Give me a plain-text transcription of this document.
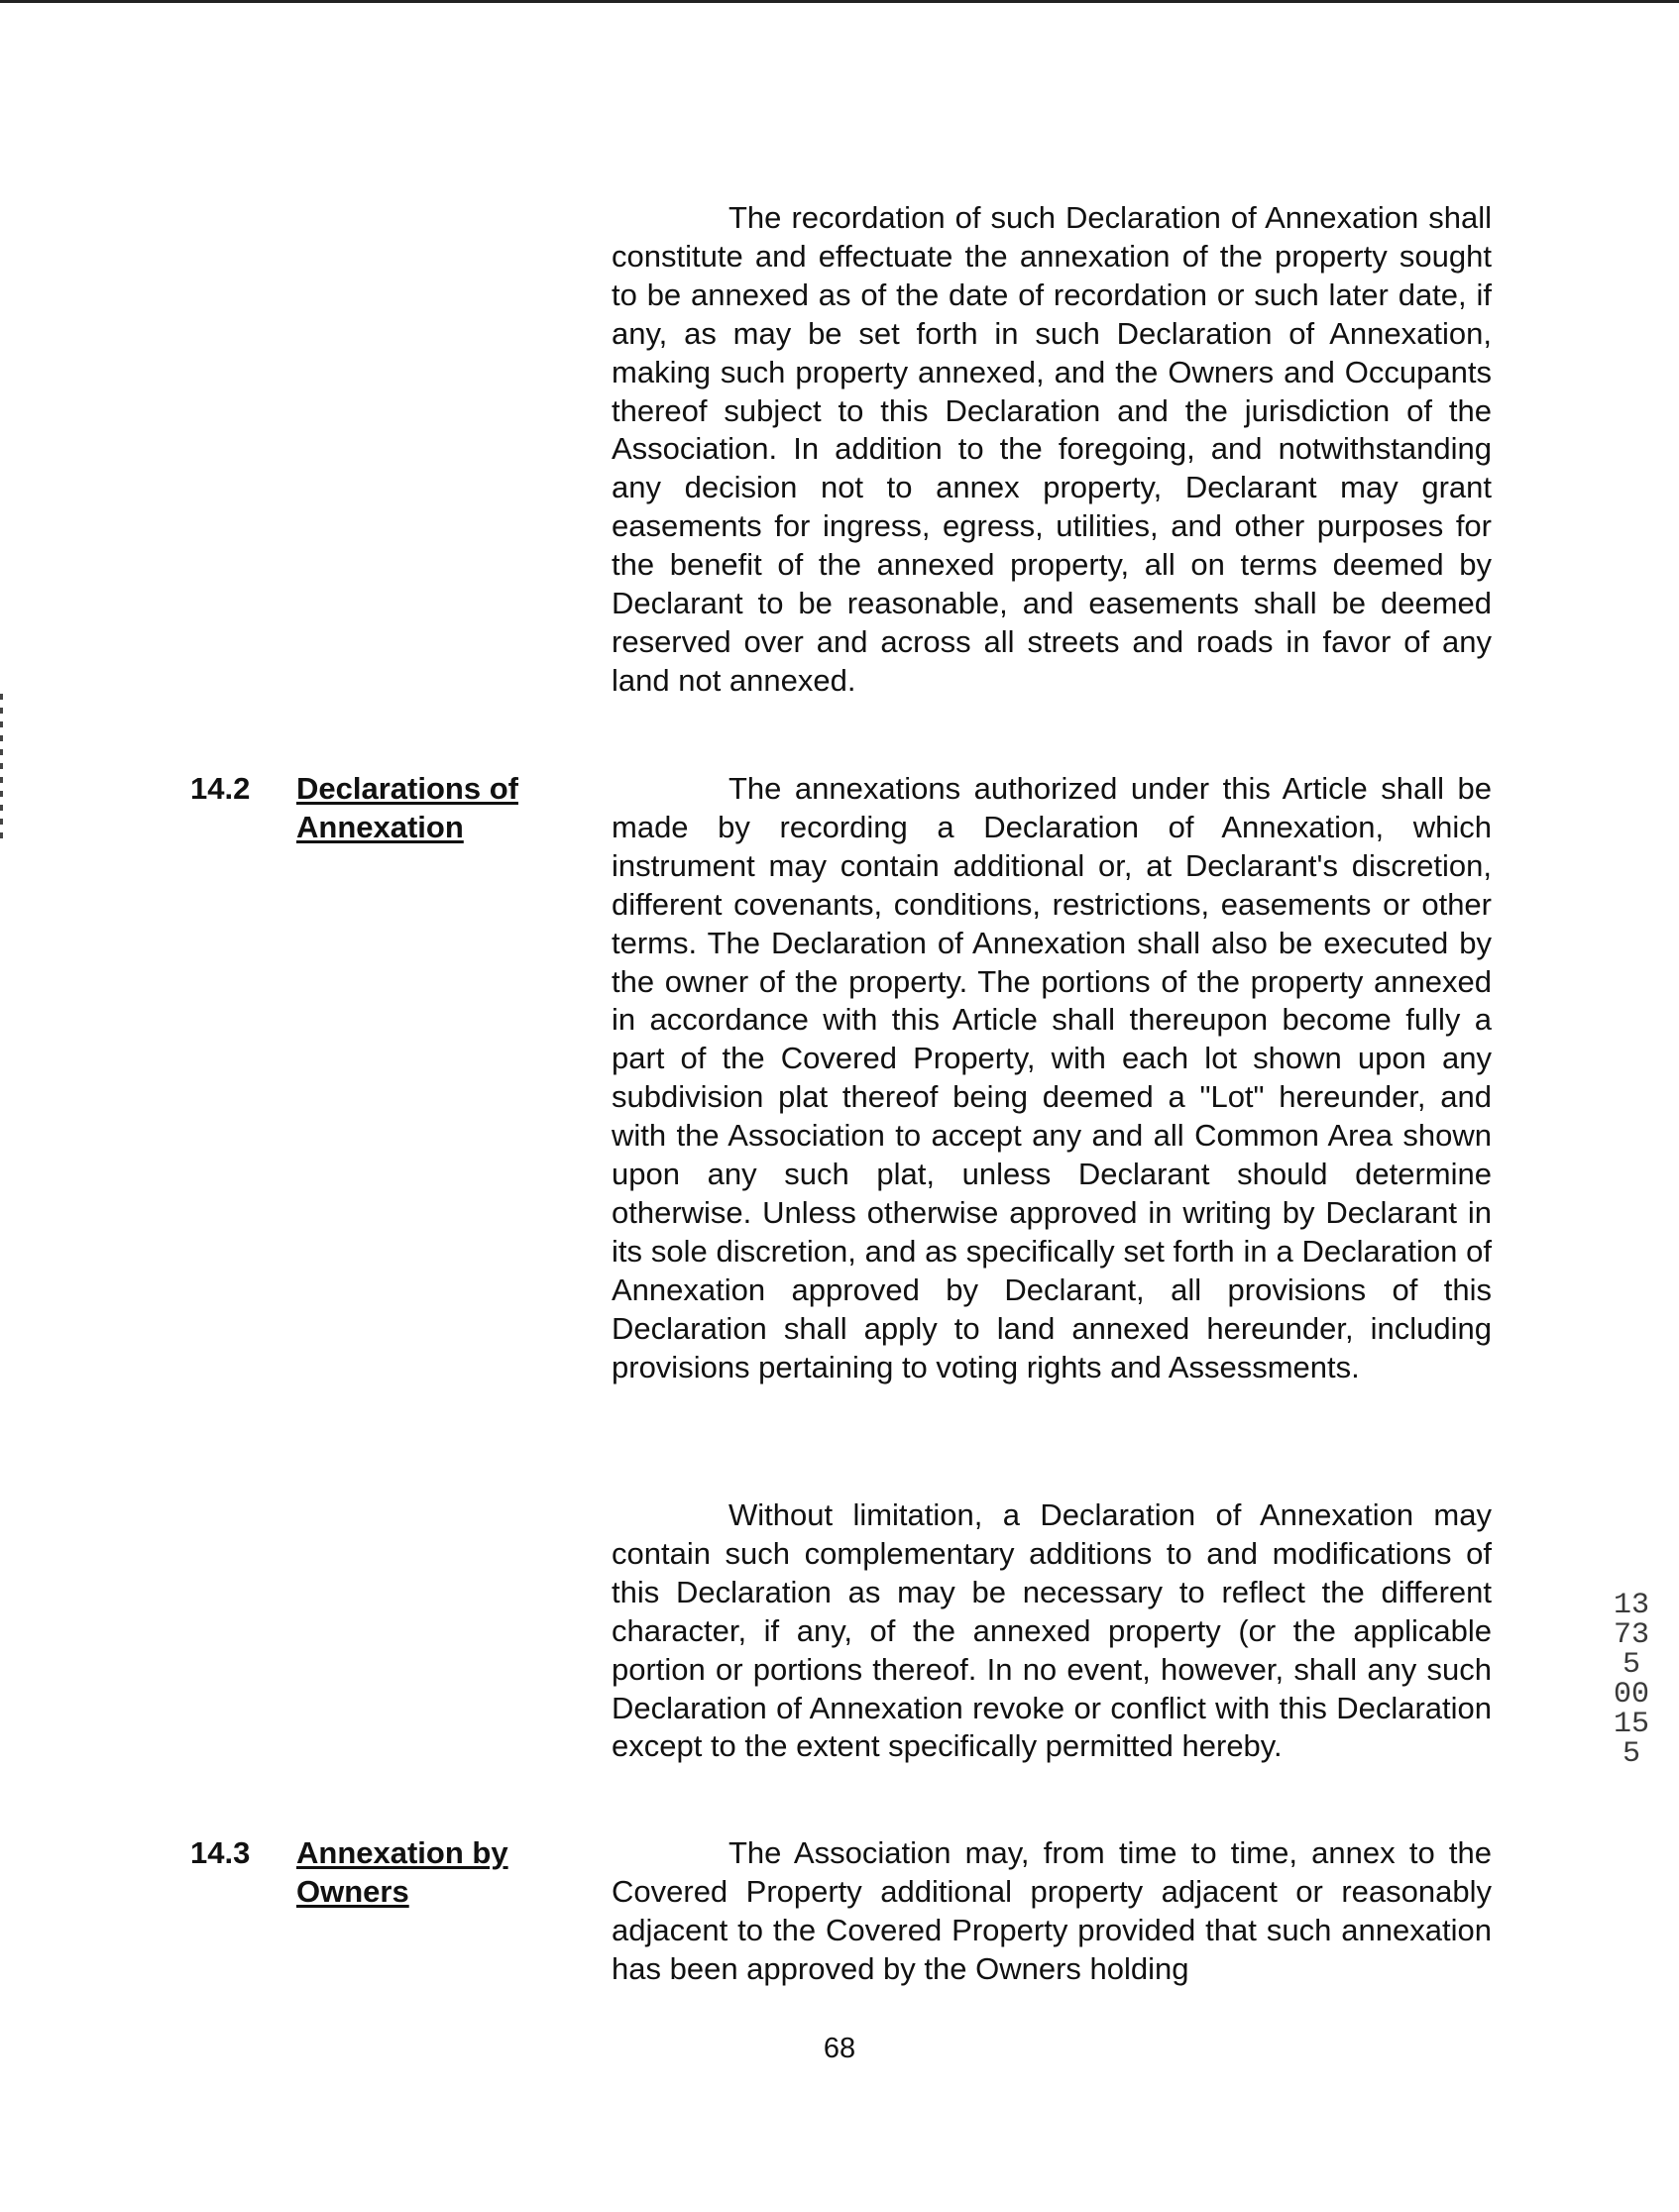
The recordation of such Declaration of Annexation shall constitute and effectuate the annexation of the property sought to be annexed as of the date of recordation or such later date, if any, as may be set forth in such Declaration of Annexation, making such property annexed, and the Owners and Occupants thereof subject to this Declaration and the jurisdiction of the Association. In addition to the foregoing, and notwithstanding any decision not to annex property, Declarant may grant easements for ingress, egress, utilities, and other purposes for the benefit of the annexed property, all on terms deemed by Declarant to be reasonable, and easements shall be deemed reserved over and across all streets and roads in favor of any land not annexed.

14.2 Declarations of
Annexation

The annexations authorized under this Article shall be made by recording a Declaration of Annexation, which instrument may contain additional or, at Declarant's discretion, different covenants, conditions, restrictions, easements or other terms. The Declaration of Annexation shall also be executed by the owner of the property. The portions of the property annexed in accordance with this Article shall thereupon become fully a part of the Covered Property, with each lot shown upon any subdivision plat thereof being deemed a "Lot" hereunder, and with the Association to accept any and all Common Area shown upon any such plat, unless Declarant should determine otherwise. Unless otherwise approved in writing by Declarant in its sole discretion, and as specifically set forth in a Declaration of Annexation approved by Declarant, all provisions of this Declaration shall apply to land annexed hereunder, including provisions pertaining to voting rights and Assessments.

Without limitation, a Declaration of Annexation may contain such complementary additions to and modifications of this Declaration as may be necessary to reflect the different character, if any, of the annexed property (or the applicable portion or portions thereof. In no event, however, shall any such Declaration of Annexation revoke or conflict with this Declaration except to the extent specifically permitted hereby.

14.3 Annexation by
Owners

The Association may, from time to time, annex to the Covered Property additional property adjacent or reasonably adjacent to the Covered Property provided that such annexation has been approved by the Owners holding

68
13735 00155
